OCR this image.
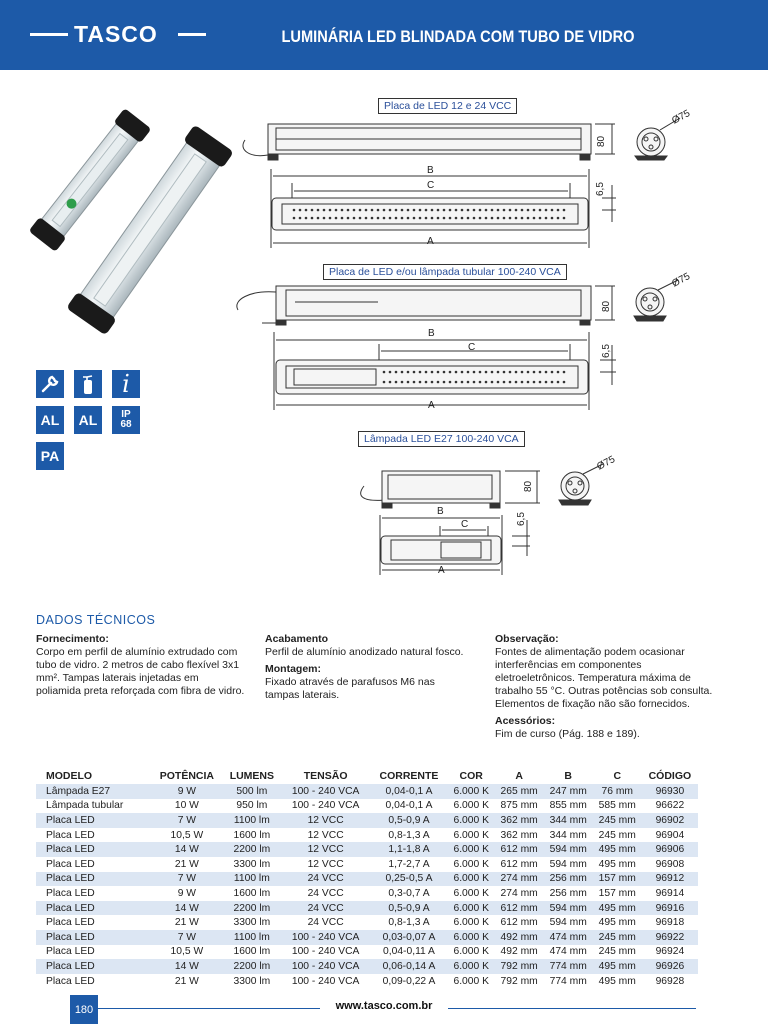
TASCO	LUMINÁRIA LED BLINDADA COM TUBO DE VIDRO
B
C
A
80
6,5
Ø75
B
C
A
80
6,5
Ø75
B
C
A
80
6,5
Ø75
Placa de LED 12 e 24 VCC
Placa de LED e/ou lâmpada tubular 100-240 VCA
Lâmpada LED E27 100-240 VCA
i
AL	AL	IP
68
PA
DADOS TÉCNICOS

Fornecimento:

Corpo em perfil de alumínio extrudado com tubo de vidro. 2 metros de cabo flexível 3x1 mm². Tampas laterais injetadas em poliamida preta reforçada com fibra de vidro.

Acabamento

Perfil de alumínio anodizado natural fosco.

Montagem:

Fixado através de parafusos M6 nas tampas laterais.

Observação:

Fontes de alimentação podem ocasionar interferências em componentes eletroeletrônicos. Temperatura máxima de trabalho 55 °C. Outras potências sob consulta. Elementos de fixação não são fornecidos.

Acessórios:

Fim de curso (Pág. 188 e 189).

MODELO	POTÊNCIA	LUMENS	TENSÃO	CORRENTE	COR	A	B	C	CÓDIGO
Lâmpada E27	9 W	500 lm	100 - 240 VCA	0,04-0,1 A	6.000 K	265 mm	247 mm	76 mm	96930
Lâmpada tubular	10 W	950 lm	100 - 240 VCA	0,04-0,1 A	6.000 K	875 mm	855 mm	585 mm	96622
Placa LED	7 W	1100 lm	12 VCC	0,5-0,9 A	6.000 K	362 mm	344 mm	245 mm	96902
Placa LED	10,5 W	1600 lm	12 VCC	0,8-1,3 A	6.000 K	362 mm	344 mm	245 mm	96904
Placa LED	14 W	2200 lm	12 VCC	1,1-1,8 A	6.000 K	612 mm	594 mm	495 mm	96906
Placa LED	21 W	3300 lm	12 VCC	1,7-2,7 A	6.000 K	612 mm	594 mm	495 mm	96908
Placa LED	7 W	1100 lm	24 VCC	0,25-0,5 A	6.000 K	274 mm	256 mm	157 mm	96912
Placa LED	9 W	1600 lm	24 VCC	0,3-0,7 A	6.000 K	274 mm	256 mm	157 mm	96914
Placa LED	14 W	2200 lm	24 VCC	0,5-0,9 A	6.000 K	612 mm	594 mm	495 mm	96916
Placa LED	21 W	3300 lm	24 VCC	0,8-1,3 A	6.000 K	612 mm	594 mm	495 mm	96918
Placa LED	7 W	1100 lm	100 - 240 VCA	0,03-0,07 A	6.000 K	492 mm	474 mm	245 mm	96922
Placa LED	10,5 W	1600 lm	100 - 240 VCA	0,04-0,11 A	6.000 K	492 mm	474 mm	245 mm	96924
Placa LED	14 W	2200 lm	100 - 240 VCA	0,06-0,14 A	6.000 K	792 mm	774 mm	495 mm	96926
Placa LED	21 W	3300 lm	100 - 240 VCA	0,09-0,22 A	6.000 K	792 mm	774 mm	495 mm	96928
180	www.tasco.com.br
